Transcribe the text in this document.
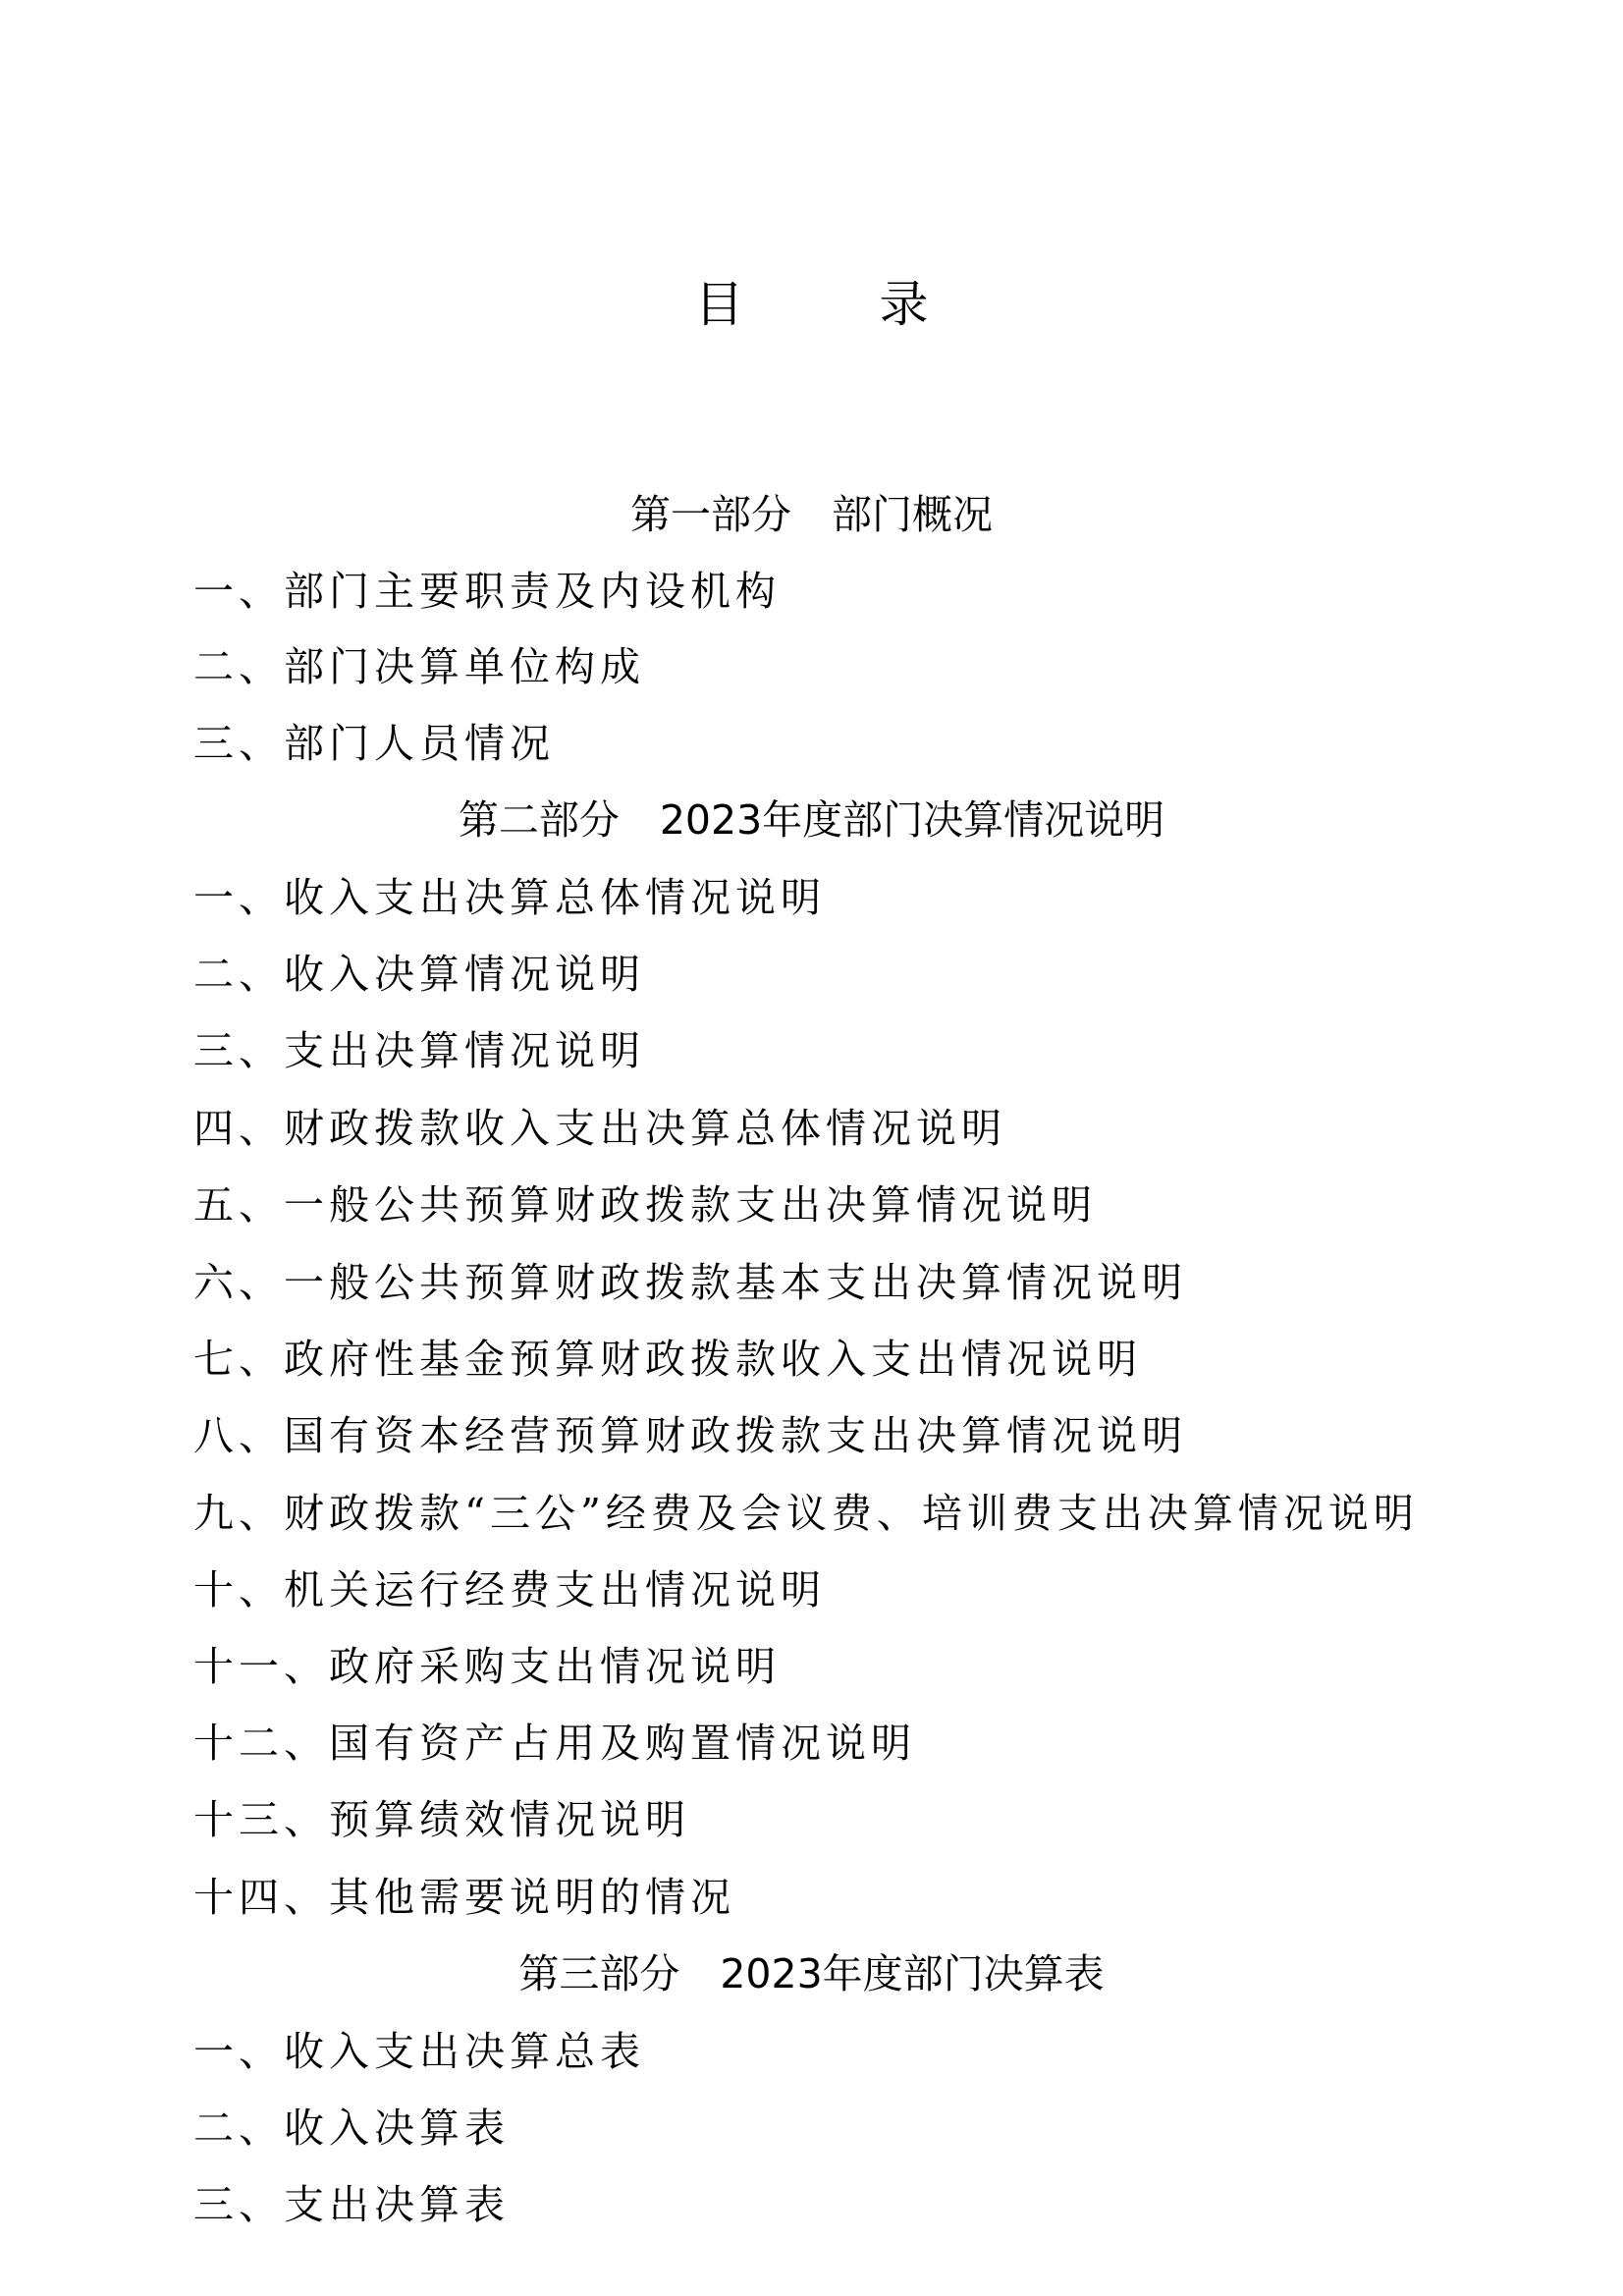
目　录
第一部分　部门概况
一、部门主要职责及内设机构
二、部门决算单位构成
三、部门人员情况
第二部分　2023年度部门决算情况说明
一、收入支出决算总体情况说明
二、收入决算情况说明
三、支出决算情况说明
四、财政拨款收入支出决算总体情况说明
五、一般公共预算财政拨款支出决算情况说明
六、一般公共预算财政拨款基本支出决算情况说明
七、政府性基金预算财政拨款收入支出情况说明
八、国有资本经营预算财政拨款支出决算情况说明
九、财政拨款“三公”经费及会议费、培训费支出决算情况说明
十、机关运行经费支出情况说明
十一、政府采购支出情况说明
十二、国有资产占用及购置情况说明
十三、预算绩效情况说明
十四、其他需要说明的情况
第三部分　2023年度部门决算表
一、收入支出决算总表
二、收入决算表
三、支出决算表
